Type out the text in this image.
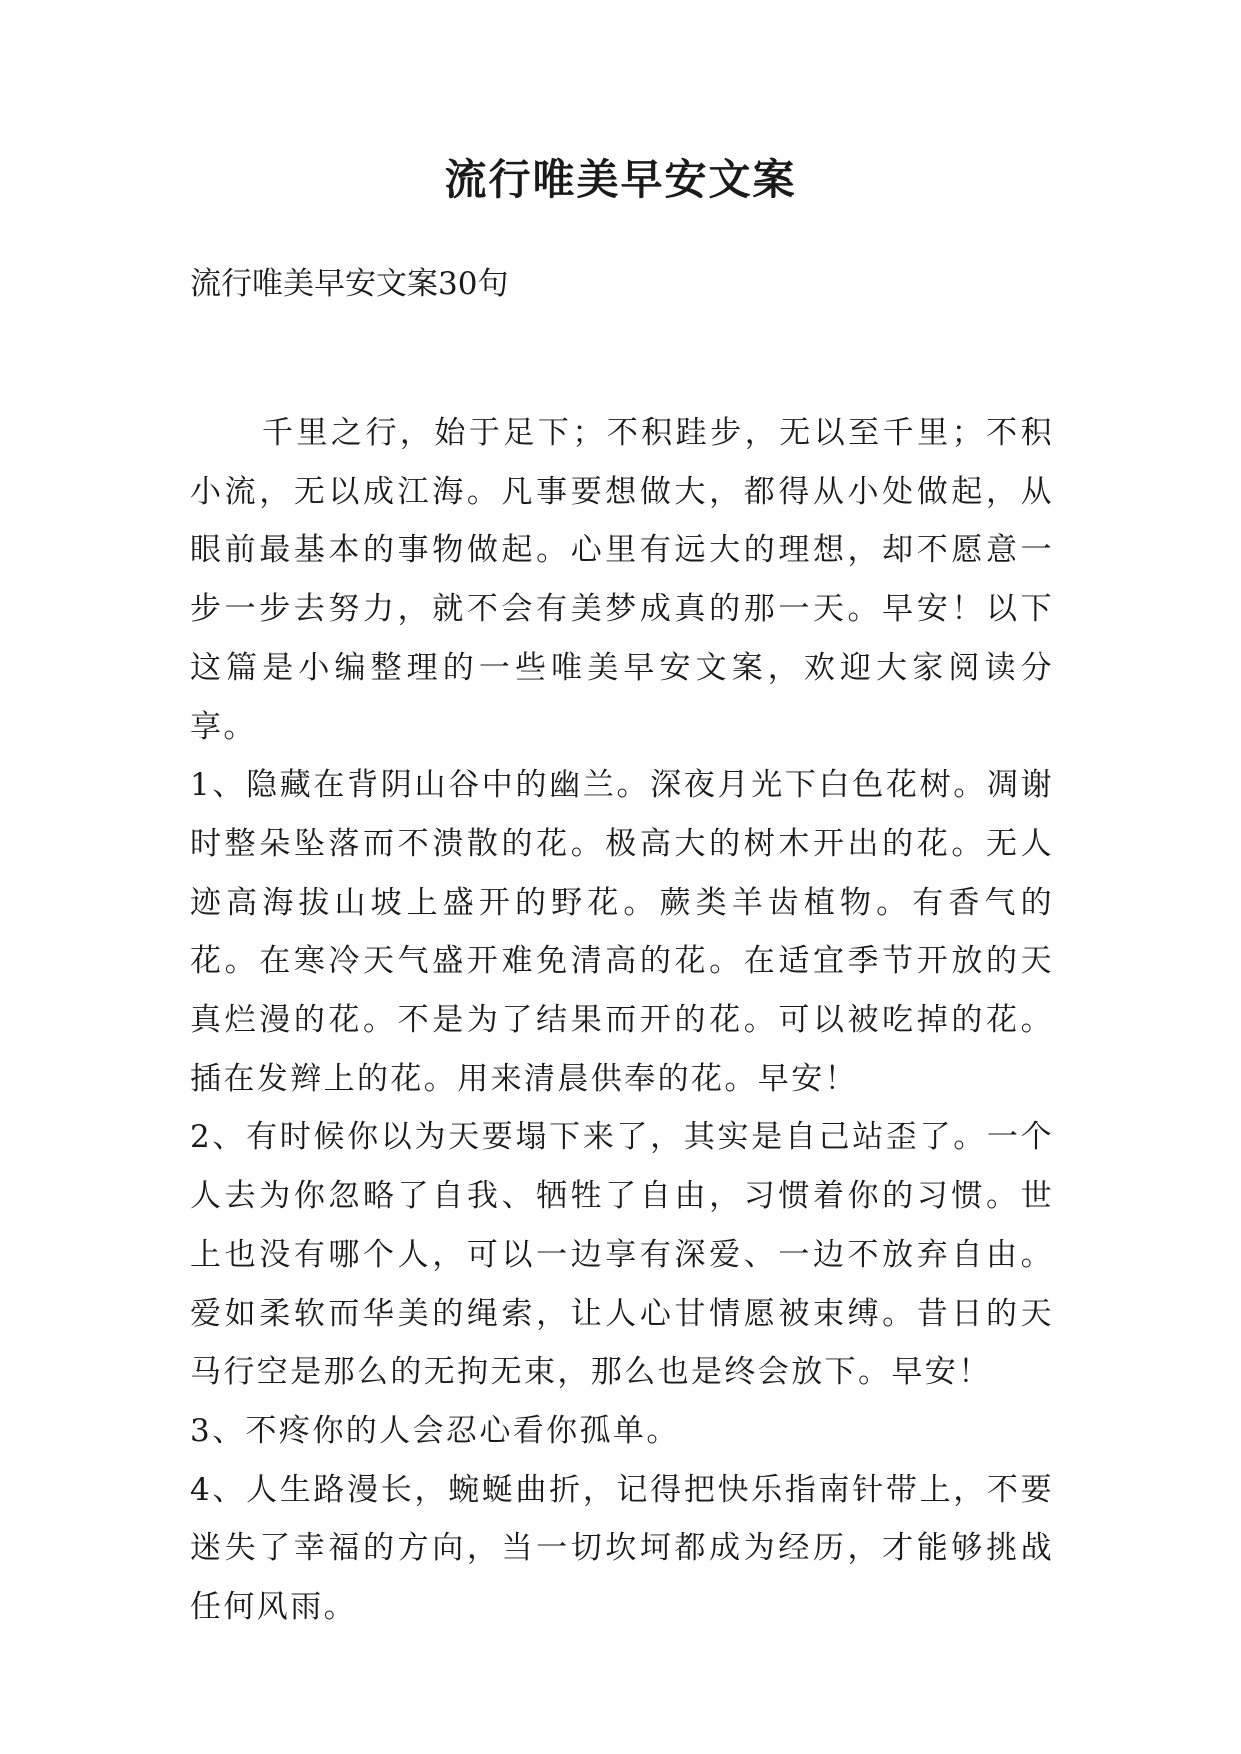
流行唯美早安文案

流行唯美早安文案30句

千里之行，始于足下；不积跬步，无以至千里；不积小流，无以成江海。凡事要想做大，都得从小处做起，从眼前最基本的事物做起。心里有远大的理想，却不愿意一步一步去努力，就不会有美梦成真的那一天。早安！以下这篇是小编整理的一些唯美早安文案，欢迎大家阅读分享。

1、隐藏在背阴山谷中的幽兰。深夜月光下白色花树。凋谢时整朵坠落而不溃散的花。极高大的树木开出的花。无人迹高海拔山坡上盛开的野花。蕨类羊齿植物。有香气的花。在寒冷天气盛开难免清高的花。在适宜季节开放的天真烂漫的花。不是为了结果而开的花。可以被吃掉的花。插在发辫上的花。用来清晨供奉的花。早安！

2、有时候你以为天要塌下来了，其实是自己站歪了。一个人去为你忽略了自我、牺牲了自由，习惯着你的习惯。世上也没有哪个人，可以一边享有深爱、一边不放弃自由。爱如柔软而华美的绳索，让人心甘情愿被束缚。昔日的天马行空是那么的无拘无束，那么也是终会放下。早安！

3、不疼你的人会忍心看你孤单。

4、人生路漫长，蜿蜒曲折，记得把快乐指南针带上，不要迷失了幸福的方向，当一切坎坷都成为经历，才能够挑战任何风雨。
